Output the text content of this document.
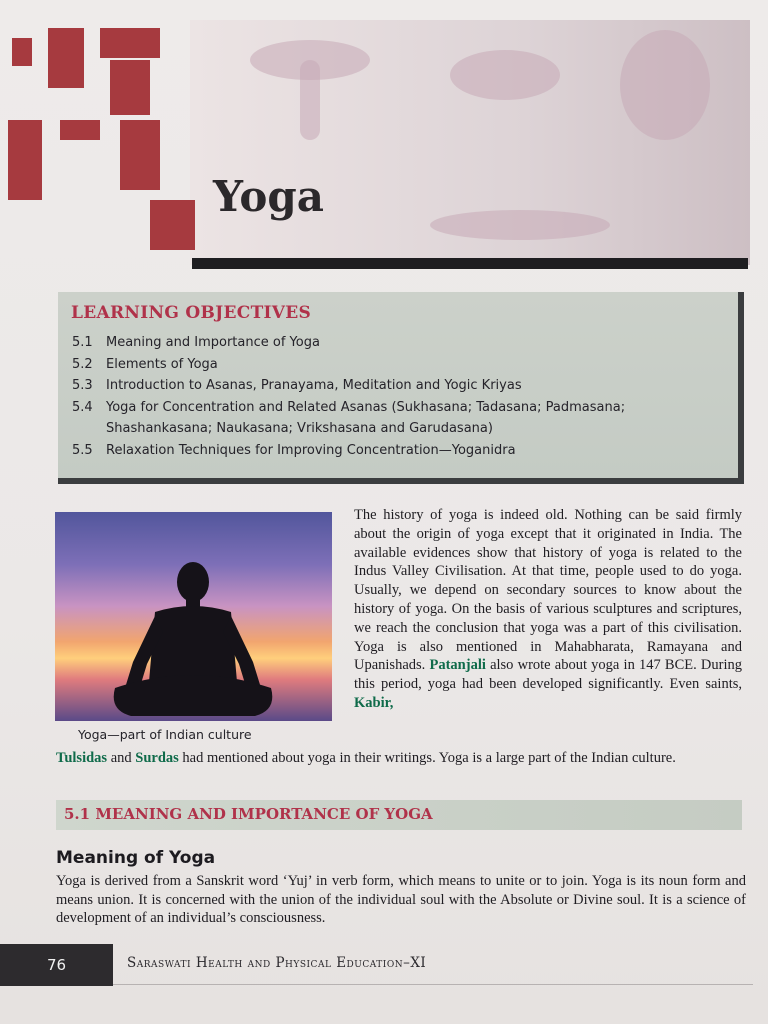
Yoga
LEARNING OBJECTIVES
5.1	Meaning and Importance of Yoga
5.2	Elements of Yoga
5.3	Introduction to Asanas, Pranayama, Meditation and Yogic Kriyas
5.4	Yoga for Concentration and Related Asanas (Sukhasana; Tadasana; Padmasana; Shashankasana; Naukasana; Vrikshasana and Garudasana)
5.5	Relaxation Techniques for Improving Concentration—Yoganidra
Yoga—part of Indian culture
The history of yoga is indeed old. Nothing can be said firmly about the origin of yoga except that it originated in India. The available evidences show that history of yoga is related to the Indus Valley Civilisation. At that time, people used to do yoga. Usually, we depend on secondary sources to know about the history of yoga. On the basis of various sculptures and scriptures, we reach the conclusion that yoga was a part of this civilisation. Yoga is also mentioned in Mahabharata, Ramayana and Upanishads. Patanjali also wrote about yoga in 147 BCE. During this period, yoga had been developed significantly. Even saints, Kabir,
Tulsidas and Surdas had mentioned about yoga in their writings. Yoga is a large part of the Indian culture.
5.1 MEANING AND IMPORTANCE OF YOGA
Meaning of Yoga
Yoga is derived from a Sanskrit word ‘Yuj’ in verb form, which means to unite or to join. Yoga is its noun form and means union. It is concerned with the union of the individual soul with the Absolute or Divine soul. It is a science of development of an individual’s consciousness.
76	Saraswati Health and Physical Education–XI
